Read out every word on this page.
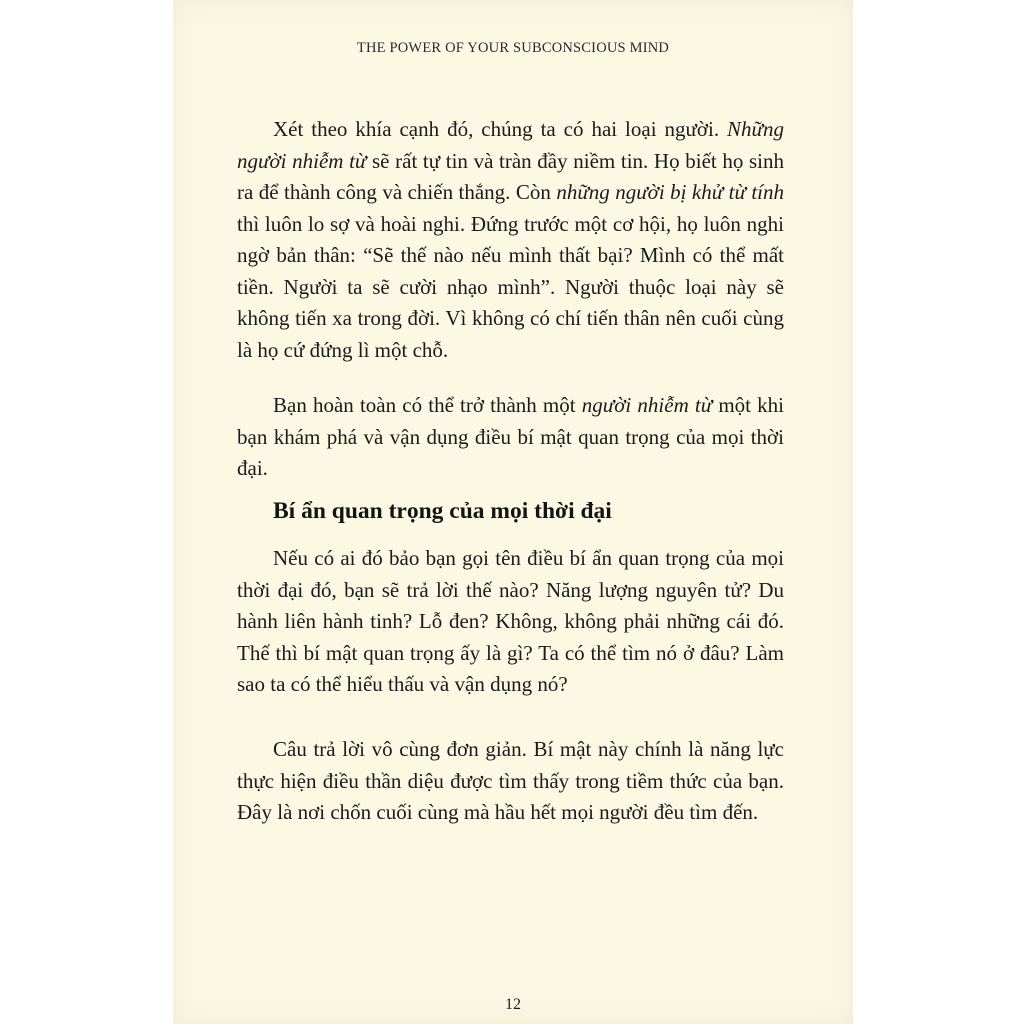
THE POWER OF YOUR SUBCONSCIOUS MIND
Xét theo khía cạnh đó, chúng ta có hai loại người. Những người nhiễm từ sẽ rất tự tin và tràn đầy niềm tin. Họ biết họ sinh ra để thành công và chiến thắng. Còn những người bị khử từ tính thì luôn lo sợ và hoài nghi. Đứng trước một cơ hội, họ luôn nghi ngờ bản thân: “Sẽ thế nào nếu mình thất bại? Mình có thể mất tiền. Người ta sẽ cười nhạo mình”. Người thuộc loại này sẽ không tiến xa trong đời. Vì không có chí tiến thân nên cuối cùng là họ cứ đứng lì một chỗ.
Bạn hoàn toàn có thể trở thành một người nhiễm từ một khi bạn khám phá và vận dụng điều bí mật quan trọng của mọi thời đại.
Bí ẩn quan trọng của mọi thời đại
Nếu có ai đó bảo bạn gọi tên điều bí ẩn quan trọng của mọi thời đại đó, bạn sẽ trả lời thế nào? Năng lượng nguyên tử? Du hành liên hành tinh? Lỗ đen? Không, không phải những cái đó. Thế thì bí mật quan trọng ấy là gì? Ta có thể tìm nó ở đâu? Làm sao ta có thể hiểu thấu và vận dụng nó?
Câu trả lời vô cùng đơn giản. Bí mật này chính là năng lực thực hiện điều thần diệu được tìm thấy trong tiềm thức của bạn. Đây là nơi chốn cuối cùng mà hầu hết mọi người đều tìm đến.
12
